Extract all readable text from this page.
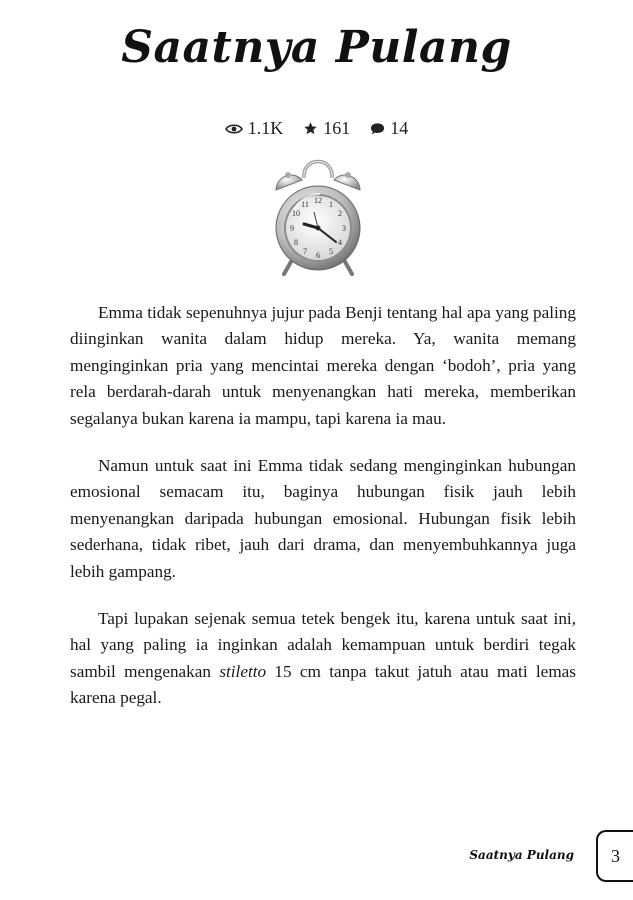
Saatnya Pulang
1.1K 161 14
12 1
2
3
4
5
6
7
8
9
10
11

Emma tidak sepenuhnya jujur pada Benji tentang hal apa yang paling diinginkan wanita dalam hidup mereka. Ya, wanita memang menginginkan pria yang mencintai mereka dengan ‘bodoh’, pria yang rela berdarah-darah untuk menyenangkan hati mereka, memberikan segalanya bukan karena ia mampu, tapi karena ia mau.

Namun untuk saat ini Emma tidak sedang menginginkan hubungan emosional semacam itu, baginya hubungan fisik jauh lebih menyenangkan daripada hubungan emosional. Hubungan fisik lebih sederhana, tidak ribet, jauh dari drama, dan menyembuhkannya juga lebih gampang.

Tapi lupakan sejenak semua tetek bengek itu, karena untuk saat ini, hal yang paling ia inginkan adalah kemampuan untuk berdiri tegak sambil mengenakan stiletto 15 cm tanpa takut jatuh atau mati lemas karena pegal.

Saatnya Pulang	3
